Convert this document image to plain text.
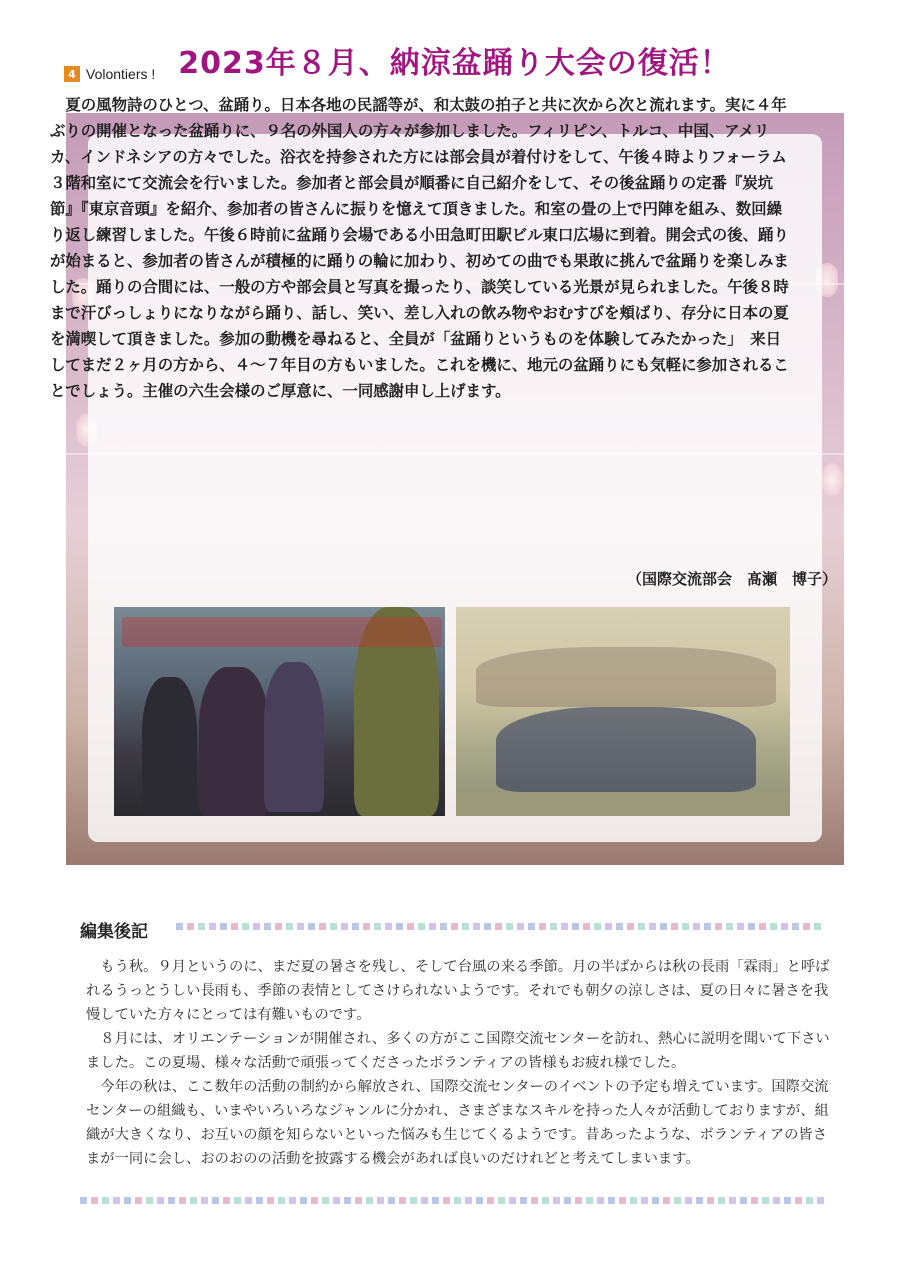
4 Volontiers ! 2023年８月、納涼盆踊り大会の復活！

夏の風物詩のひとつ、盆踊り。日本各地の民謡等が、和太鼓の拍子と共に次から次と流れます。実に４年ぶりの開催となった盆踊りに、９名の外国人の方々が参加しました。フィリピン、トルコ、中国、アメリカ、インドネシアの方々でした。浴衣を持参された方には部会員が着付けをして、午後４時よりフォーラム３階和室にて交流会を行いました。参加者と部会員が順番に自己紹介をして、その後盆踊りの定番『炭坑節』『東京音頭』を紹介、参加者の皆さんに振りを憶えて頂きました。和室の畳の上で円陣を組み、数回繰り返し練習しました。午後６時前に盆踊り会場である小田急町田駅ビル東口広場に到着。開会式の後、踊りが始まると、参加者の皆さんが積極的に踊りの輪に加わり、初めての曲でも果敢に挑んで盆踊りを楽しみました。踊りの合間には、一般の方や部会員と写真を撮ったり、談笑している光景が見られました。午後８時まで汗びっしょりになりながら踊り、話し、笑い、差し入れの飲み物やおむすびを頬ばり、存分に日本の夏を満喫して頂きました。参加の動機を尋ねると、全員が「盆踊りというものを体験してみたかった」　来日してまだ２ヶ月の方から、４～７年目の方もいました。これを機に、地元の盆踊りにも気軽に参加されることでしょう。主催の六生会様のご厚意に、一同感謝申し上げます。

（国際交流部会　髙瀬　博子）
編集後記

もう秋。９月というのに、まだ夏の暑さを残し、そして台風の来る季節。月の半ばからは秋の長雨「霖雨」と呼ばれるうっとうしい長雨も、季節の表情としてさけられないようです。それでも朝夕の涼しさは、夏の日々に暑さを我慢していた方々にとっては有難いものです。

８月には、オリエンテーションが開催され、多くの方がここ国際交流センターを訪れ、熱心に説明を聞いて下さいました。この夏場、様々な活動で頑張ってくださったボランティアの皆様もお疲れ様でした。

今年の秋は、ここ数年の活動の制約から解放され、国際交流センターのイベントの予定も増えています。国際交流センターの組織も、いまやいろいろなジャンルに分かれ、さまざまなスキルを持った人々が活動しておりますが、組織が大きくなり、お互いの顔を知らないといった悩みも生じてくるようです。昔あったような、ボランティアの皆さまが一同に会し、おのおのの活動を披露する機会があれば良いのだけれどと考えてしまいます。
